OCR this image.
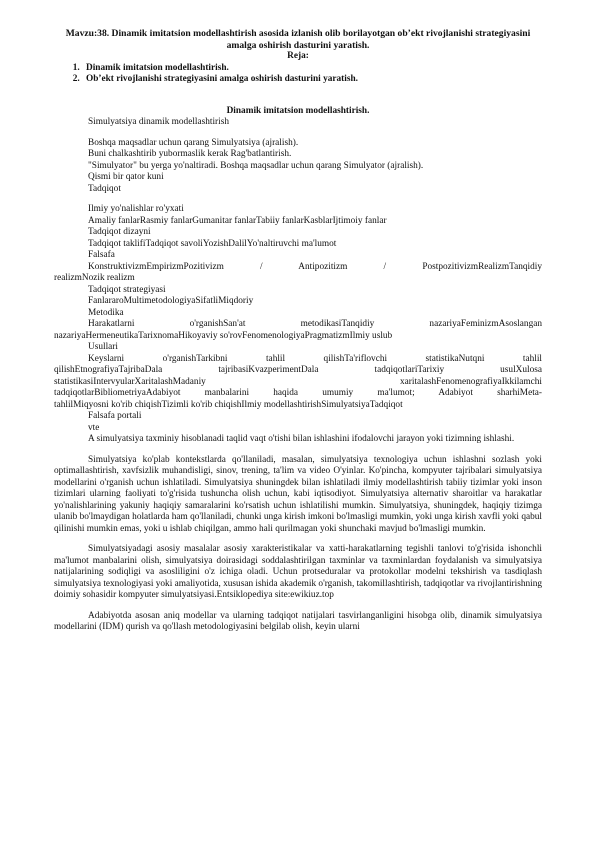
Mavzu:38. Dinamik imitatsion modellashtirish asosida izlanish olib borilayotgan ob’ekt rivojlanishi strategiyasini amalga oshirish dasturini yaratish.
Reja:
1. Dinamik imitatsion modellashtirish.
2. Ob’ekt rivojlanishi strategiyasini amalga oshirish dasturini yaratish.
Dinamik imitatsion modellashtirish.
Simulyatsiya dinamik modellashtirish
Boshqa maqsadlar uchun qarang Simulyatsiya (ajralish).
Buni chalkashtirib yubormaslik kerak Rag'batlantirish.
"Simulyator" bu yerga yo'naltiradi. Boshqa maqsadlar uchun qarang Simulyator (ajralish).
Qismi bir qator kuni
Tadqiqot
Ilmiy yo'nalishlar ro'yxati
Amaliy fanlarRasmiy fanlarGumanitar fanlarTabiiy fanlarKasblarIjtimoiy fanlar
Tadqiqot dizayni
Tadqiqot taklifiTadqiqot savoliYozishDalilYo'naltiruvchi ma'lumot
Falsafa
KonstruktivizmEmpirizmPozitivizm / Antipozitizm / PostpozitivizmRealizmTanqidiy
realizmNozik realizm
Tadqiqot strategiyasi
FanlararoMultimetodologiyaSifatliMiqdoriy
Metodika
Harakatlarni o'rganishSan'at metodikasiTanqidiy nazariyaFeminizmAsoslangan
nazariyaHermeneutikaTarixnomaHikoyaviy so'rovFenomenologiyaPragmatizmIlmiy uslub
Usullari
Keyslarni o'rganishTarkibni tahlil qilishTa'riflovchi statistikaNutqni tahlil
qilishEtnografiyaTajribaDala tajribasiKvazperimentDala tadqiqotlariTarixiy usulXulosa
statistikasiIntervyularXaritalashMadaniy xaritalashFenomenografiyaIkkilamchi
tadqiqotlarBibliometriyaAdabiyot manbalarini haqida umumiy ma'lumot; Adabiyot sharhiMeta-
tahlilMiqyosni ko'rib chiqishTizimli ko'rib chiqishIlmiy modellashtirishSimulyatsiyaTadqiqot
Falsafa portali
vte
A simulyatsiya taxminiy hisoblanadi taqlid vaqt o'tishi bilan ishlashini ifodalovchi jarayon yoki tizimning ishlashi.
Simulyatsiya ko'plab kontekstlarda qo'llaniladi, masalan, simulyatsiya texnologiya uchun ishlashni sozlash yoki optimallashtirish, xavfsizlik muhandisligi, sinov, trening, ta'lim va video O'yinlar. Ko'pincha, kompyuter tajribalari simulyatsiya modellarini o'rganish uchun ishlatiladi. Simulyatsiya shuningdek bilan ishlatiladi ilmiy modellashtirish tabiiy tizimlar yoki inson tizimlari ularning faoliyati to'g'risida tushuncha olish uchun, kabi iqtisodiyot. Simulyatsiya alternativ sharoitlar va harakatlar yo'nalishlarining yakuniy haqiqiy samaralarini ko'rsatish uchun ishlatilishi mumkin. Simulyatsiya, shuningdek, haqiqiy tizimga ulanib bo'lmaydigan holatlarda ham qo'llaniladi, chunki unga kirish imkoni bo'lmasligi mumkin, yoki unga kirish xavfli yoki qabul qilinishi mumkin emas, yoki u ishlab chiqilgan, ammo hali qurilmagan yoki shunchaki mavjud bo'lmasligi mumkin.
Simulyatsiyadagi asosiy masalalar asosiy xarakteristikalar va xatti-harakatlarning tegishli tanlovi to'g'risida ishonchli ma'lumot manbalarini olish, simulyatsiya doirasidagi soddalashtirilgan taxminlar va taxminlardan foydalanish va simulyatsiya natijalarining sodiqligi va asosliligini o'z ichiga oladi. Uchun protseduralar va protokollar modelni tekshirish va tasdiqlash simulyatsiya texnologiyasi yoki amaliyotida, xususan ishida akademik o'rganish, takomillashtirish, tadqiqotlar va rivojlantirishning doimiy sohasidir kompyuter simulyatsiyasi.Entsiklopediya site:ewikiuz.top
Adabiyotda asosan aniq modellar va ularning tadqiqot natijalari tasvirlanganligini hisobga olib, dinamik simulyatsiya modellarini (IDM) qurish va qo'llash metodologiyasini belgilab olish, keyin ularni
